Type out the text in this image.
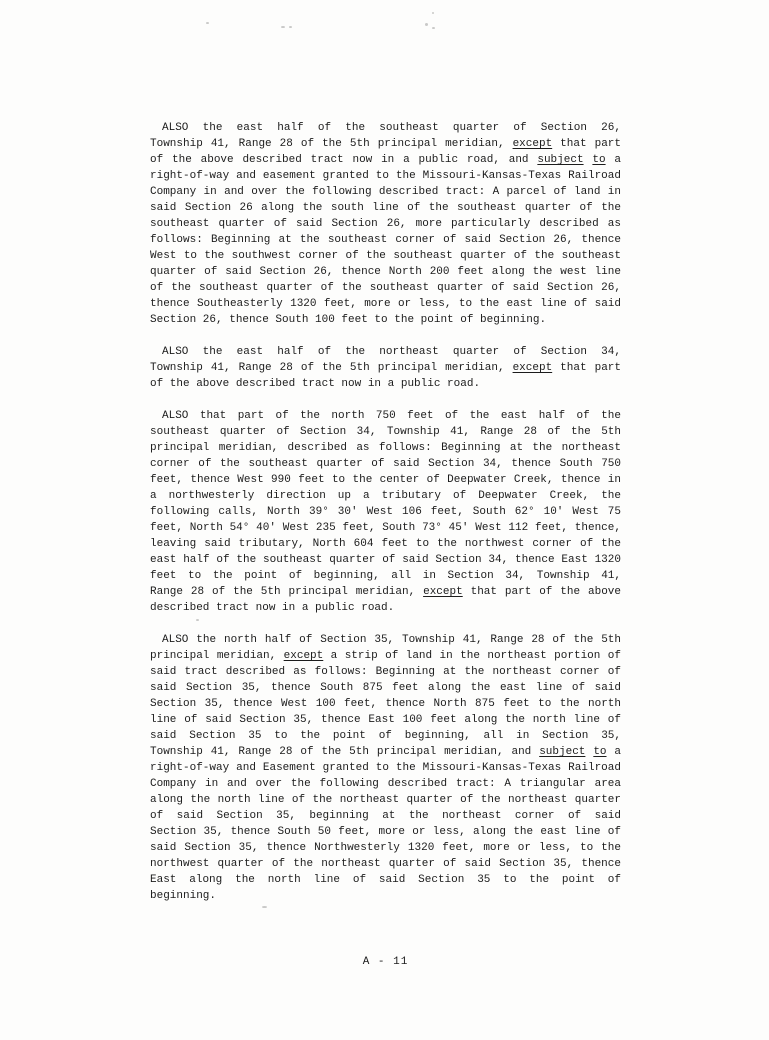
ALSO the east half of the southeast quarter of Section 26,
Township 41, Range 28 of the 5th principal meridian, except that part
of the above described tract now in a public road, and subject to a
right-of-way and easement granted to the Missouri-Kansas-Texas Railroad
Company in and over the following described tract: A parcel of land in
said Section 26 along the south line of the southeast quarter of the
southeast quarter of said Section 26, more particularly described as
follows: Beginning at the southeast corner of said Section 26, thence
West to the southwest corner of the southeast quarter of the southeast
quarter of said Section 26, thence North 200 feet along the west line
of the southeast quarter of the southeast quarter of said Section 26,
thence Southeasterly 1320 feet, more or less, to the east line of said
Section 26, thence South 100 feet to the point of beginning.
ALSO the east half of the northeast quarter of Section 34,
Township 41, Range 28 of the 5th principal meridian, except that part
of the above described tract now in a public road.
ALSO that part of the north 750 feet of the east half of the
southeast quarter of Section 34, Township 41, Range 28 of the 5th
principal meridian, described as follows: Beginning at the northeast
corner of the southeast quarter of said Section 34, thence South 750
feet, thence West 990 feet to the center of Deepwater Creek, thence in
a northwesterly direction up a tributary of Deepwater Creek, the
following calls, North 39° 30' West 106 feet, South 62° 10' West 75
feet, North 54° 40' West 235 feet, South 73° 45' West 112 feet, thence,
leaving said tributary, North 604 feet to the northwest corner of the
east half of the southeast quarter of said Section 34, thence East 1320
feet to the point of beginning, all in Section 34, Township 41,
Range 28 of the 5th principal meridian, except that part of the above
described tract now in a public road.
ALSO the north half of Section 35, Township 41, Range 28 of the 5th
principal meridian, except a strip of land in the northeast portion of
said tract described as follows: Beginning at the northeast corner of
said Section 35, thence South 875 feet along the east line of said
Section 35, thence West 100 feet, thence North 875 feet to the north
line of said Section 35, thence East 100 feet along the north line of
said Section 35 to the point of beginning, all in Section 35,
Township 41, Range 28 of the 5th principal meridian, and subject to a
right-of-way and Easement granted to the Missouri-Kansas-Texas Railroad
Company in and over the following described tract: A triangular area
along the north line of the northeast quarter of the northeast quarter
of said Section 35, beginning at the northeast corner of said
Section 35, thence South 50 feet, more or less, along the east line of
said Section 35, thence Northwesterly 1320 feet, more or less, to the
northwest quarter of the northeast quarter of said Section 35, thence
East along the north line of said Section 35 to the point of
beginning.
A - 11
